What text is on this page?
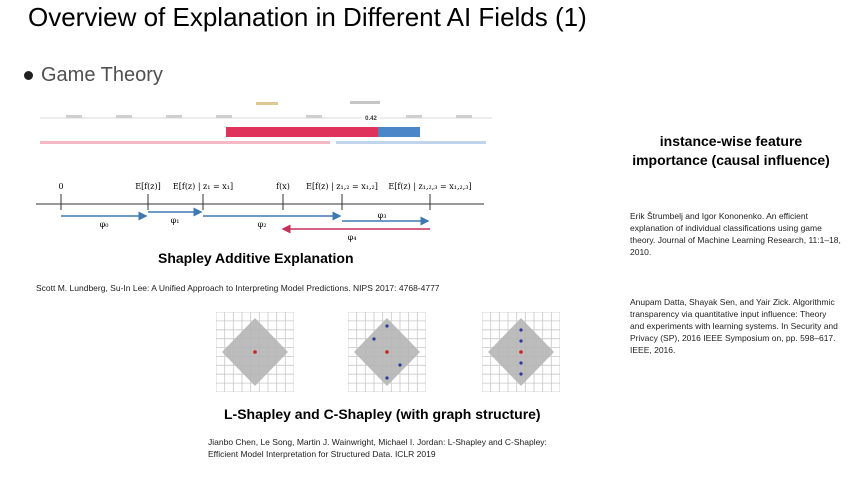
Overview of Explanation in Different AI Fields (1)
Game Theory
0.42
0	E[f(z)] E[f(z) | z₁ = x₁]	f(x) E[f(z) | z₁,₂ = x₁,₂] E[f(z) | z₁,₂,₃ = x₁,₂,₃]
φ₀	φ₁	φ₂
φ₃
φ₄
Shapley Additive Explanation
Scott M. Lundberg, Su-In Lee: A Unified Approach to Interpreting Model Predictions. NIPS 2017: 4768-4777
L-Shapley and C-Shapley (with graph structure)
Jianbo Chen, Le Song, Martin J. Wainwright, Michael I. Jordan: L-Shapley and C-Shapley: Efficient Model Interpretation for Structured Data. ICLR 2019
instance-wise feature importance (causal influence)
Erik Štrumbelj and Igor Kononenko. An efficient explanation of individual classifications using game theory. Journal of Machine Learning Research, 11:1–18, 2010.
Anupam Datta, Shayak Sen, and Yair Zick. Algorithmic transparency via quantitative input influence: Theory and experiments with learning systems. In Security and Privacy (SP), 2016 IEEE Symposium on, pp. 598–617. IEEE, 2016.
